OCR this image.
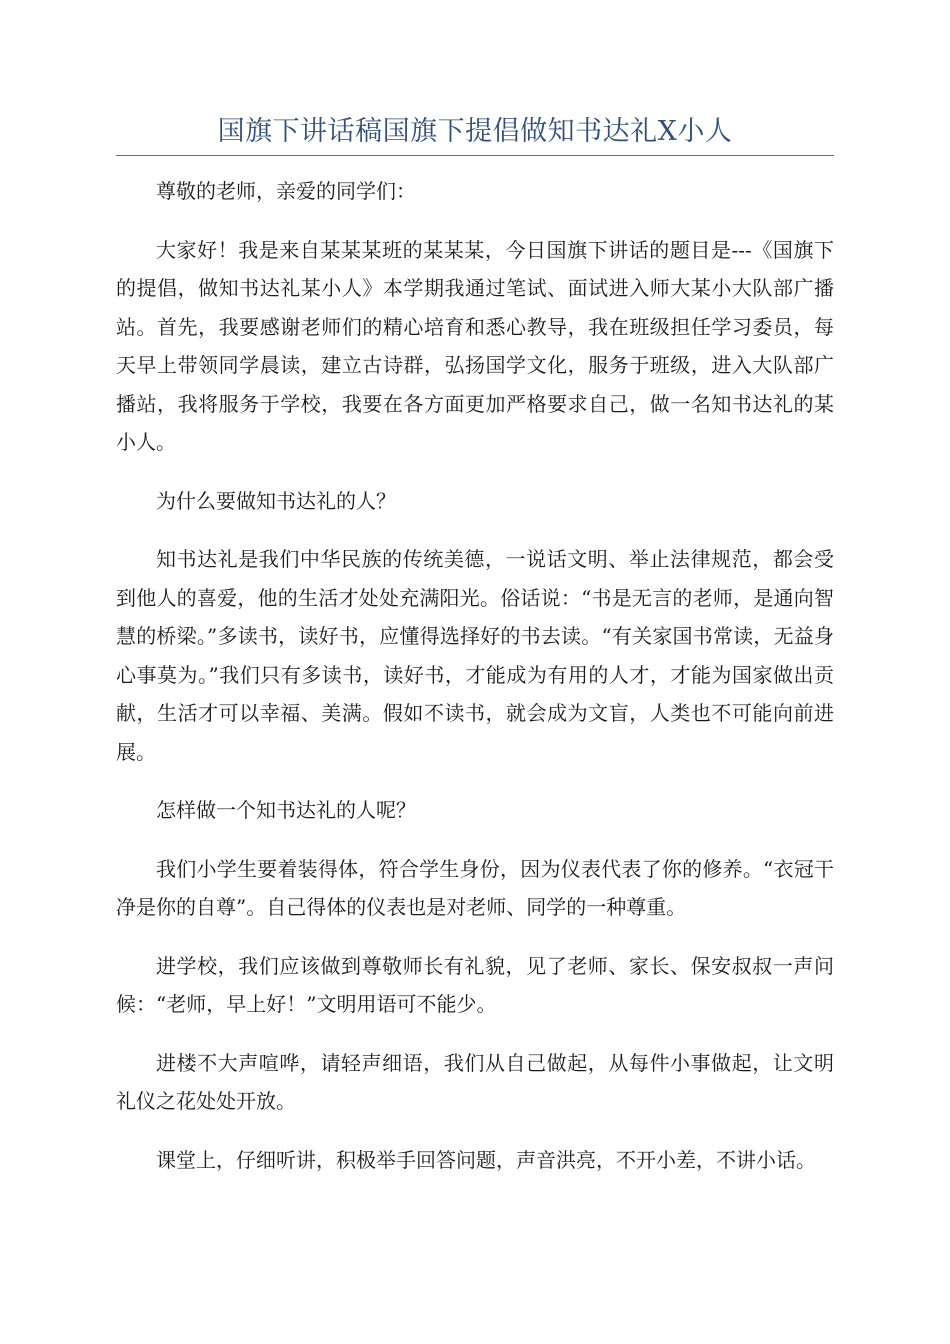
国旗下讲话稿国旗下提倡做知书达礼X小人

尊敬的老师，亲爱的同学们：

大家好！我是来自某某某班的某某某，今日国旗下讲话的题目是---《国旗下的提倡，做知书达礼某小人》本学期我通过笔试、面试进入师大某小大队部广播站。首先，我要感谢老师们的精心培育和悉心教导，我在班级担任学习委员，每天早上带领同学晨读，建立古诗群，弘扬国学文化，服务于班级，进入大队部广播站，我将服务于学校，我要在各方面更加严格要求自己，做一名知书达礼的某小人。

为什么要做知书达礼的人？

知书达礼是我们中华民族的传统美德，一说话文明、举止法律规范，都会受到他人的喜爱，他的生活才处处充满阳光。俗话说：“书是无言的老师，是通向智慧的桥梁。”多读书，读好书，应懂得选择好的书去读。“有关家国书常读，无益身心事莫为。”我们只有多读书，读好书，才能成为有用的人才，才能为国家做出贡献，生活才可以幸福、美满。假如不读书，就会成为文盲，人类也不可能向前进展。

怎样做一个知书达礼的人呢？

我们小学生要着装得体，符合学生身份，因为仪表代表了你的修养。“衣冠干净是你的自尊”。自己得体的仪表也是对老师、同学的一种尊重。

进学校，我们应该做到尊敬师长有礼貌，见了老师、家长、保安叔叔一声问候：“老师，早上好！”文明用语可不能少。

进楼不大声喧哗，请轻声细语，我们从自己做起，从每件小事做起，让文明礼仪之花处处开放。

课堂上，仔细听讲，积极举手回答问题，声音洪亮，不开小差，不讲小话。
